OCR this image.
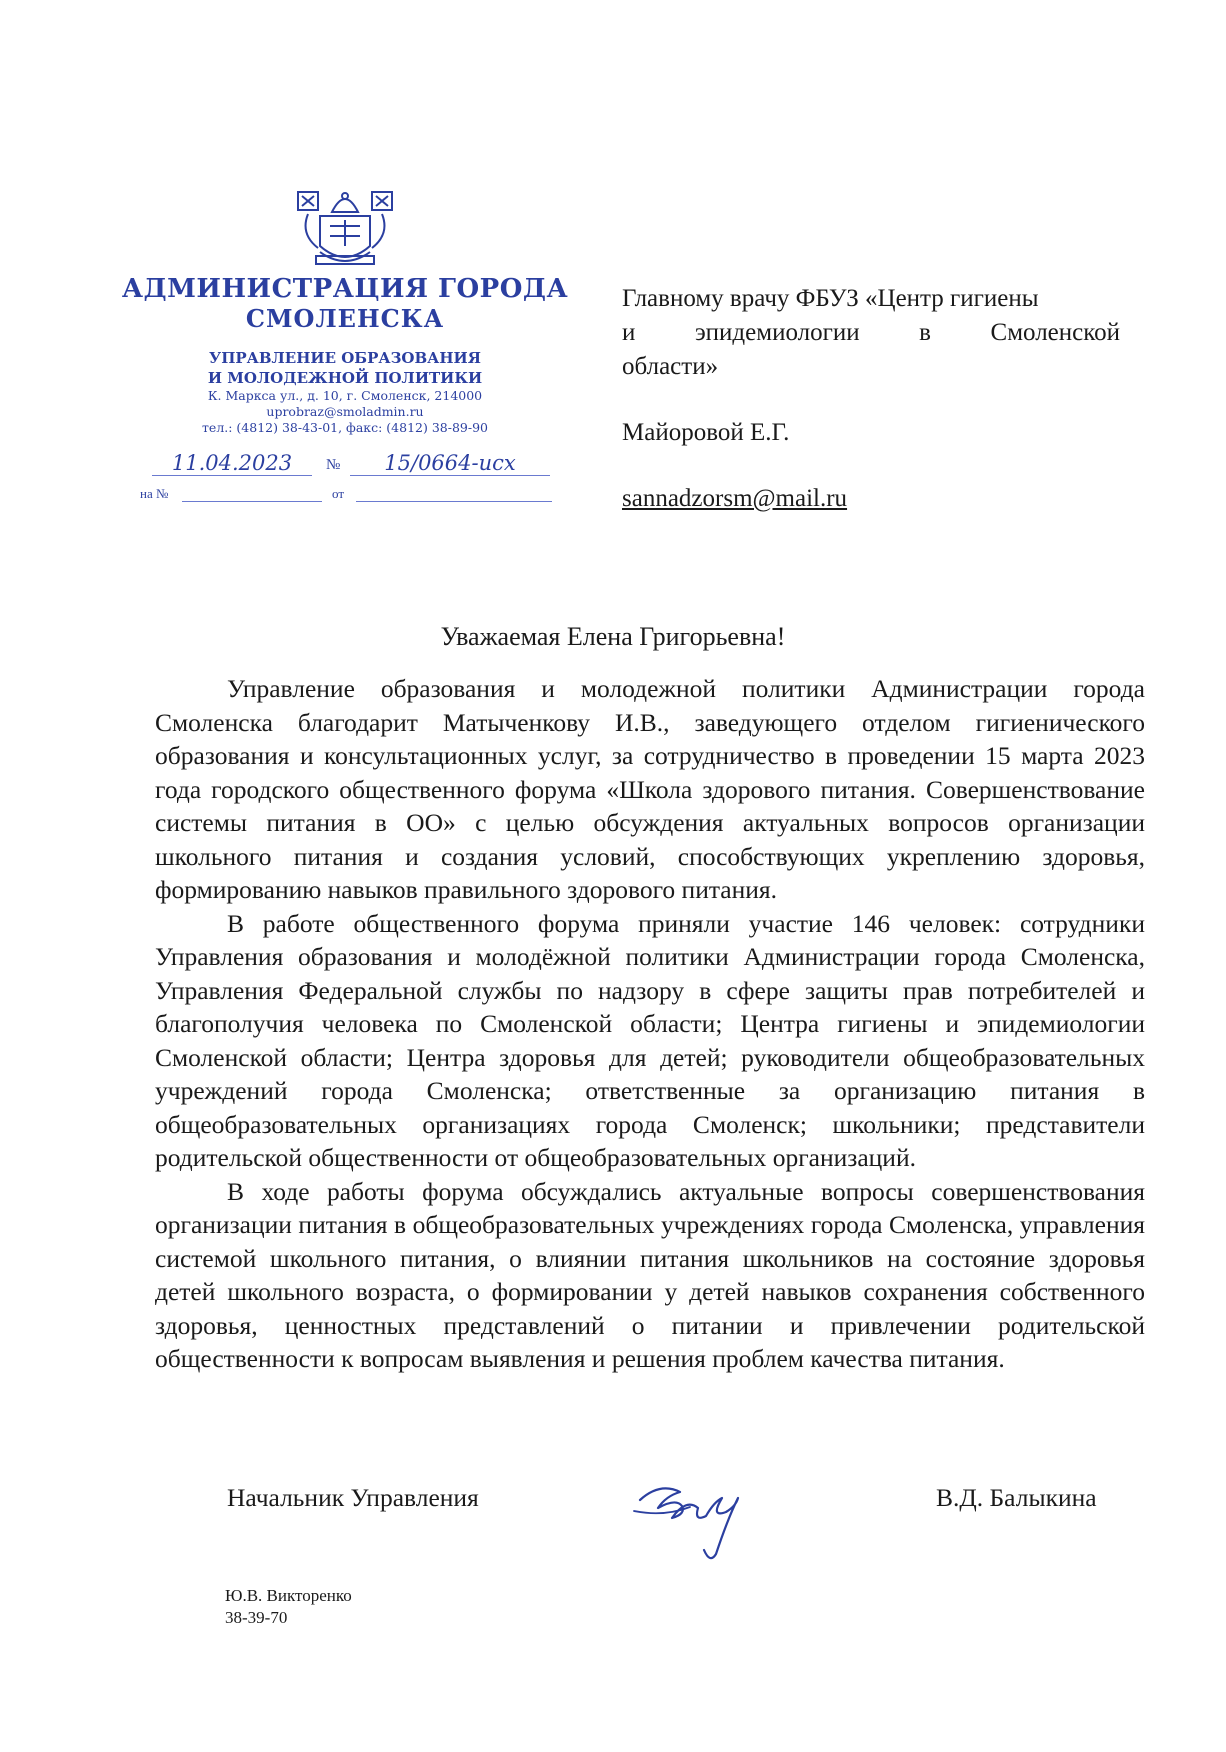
АДМИНИСТРАЦИЯ ГОРОДА
СМОЛЕНСКА
УПРАВЛЕНИЕ ОБРАЗОВАНИЯ
И МОЛОДЕЖНОЙ ПОЛИТИКИ
К. Маркса ул., д. 10, г. Смоленск, 214000
uprobraz@smoladmin.ru
тел.: (4812) 38-43-01, факс: (4812) 38-89-90
11.04.2023	№	15/0664-исх
на №	от
Главному врачу ФБУЗ «Центр гигиены
и эпидемиологии в Смоленской
области»
Майоровой Е.Г.
sannadzorsm@mail.ru
Уважаемая Елена Григорьевна!

Управление образования и молодежной политики Администрации города Смоленска благодарит Матыченкову И.В., заведующего отделом гигиенического образования и консультационных услуг, за сотрудничество в проведении 15 марта 2023 года городского общественного форума «Школа здорового питания. Совершенствование системы питания в ОО» с целью обсуждения актуальных вопросов организации школьного питания и создания условий, способствующих укреплению здоровья, формированию навыков правильного здорового питания.

В работе общественного форума приняли участие 146 человек: сотрудники Управления образования и молодёжной политики Администрации города Смоленска, Управления Федеральной службы по надзору в сфере защиты прав потребителей и благополучия человека по Смоленской области; Центра гигиены и эпидемиологии Смоленской области; Центра здоровья для детей; руководители общеобразовательных учреждений города Смоленска; ответственные за организацию питания в общеобразовательных организациях города Смоленск; школьники; представители родительской общественности от общеобразовательных организаций.

В ходе работы форума обсуждались актуальные вопросы совершенствования организации питания в общеобразовательных учреждениях города Смоленска, управления системой школьного питания, о влиянии питания школьников на состояние здоровья детей школьного возраста, о формировании у детей навыков сохранения собственного здоровья, ценностных представлений о питании и привлечении родительской общественности к вопросам выявления и решения проблем качества питания.

Начальник Управления	В.Д. Балыкина
Ю.В. Викторенко
38-39-70
